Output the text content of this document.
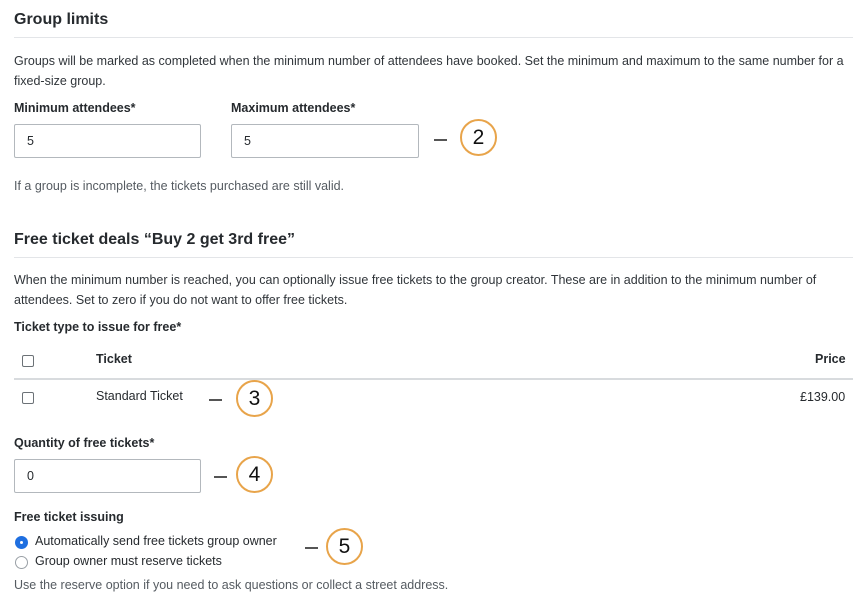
Group limits
Groups will be marked as completed when the minimum number of attendees have booked. Set the minimum and maximum to the same number for a fixed-size group.
Minimum attendees*
5
Maximum attendees*
5	2
If a group is incomplete, the tickets purchased are still valid.
Free ticket deals “Buy 2 get 3rd free”
When the minimum number is reached, you can optionally issue free tickets to the group creator. These are in addition to the minimum number of attendees. Set to zero if you do not want to offer free tickets.
Ticket type to issue for free*
Ticket	Price
Standard Ticket	£139.00
3
Quantity of free tickets*
0	4
Free ticket issuing
Automatically send free tickets group owner
Group owner must reserve tickets
5
Use the reserve option if you need to ask questions or collect a street address.
